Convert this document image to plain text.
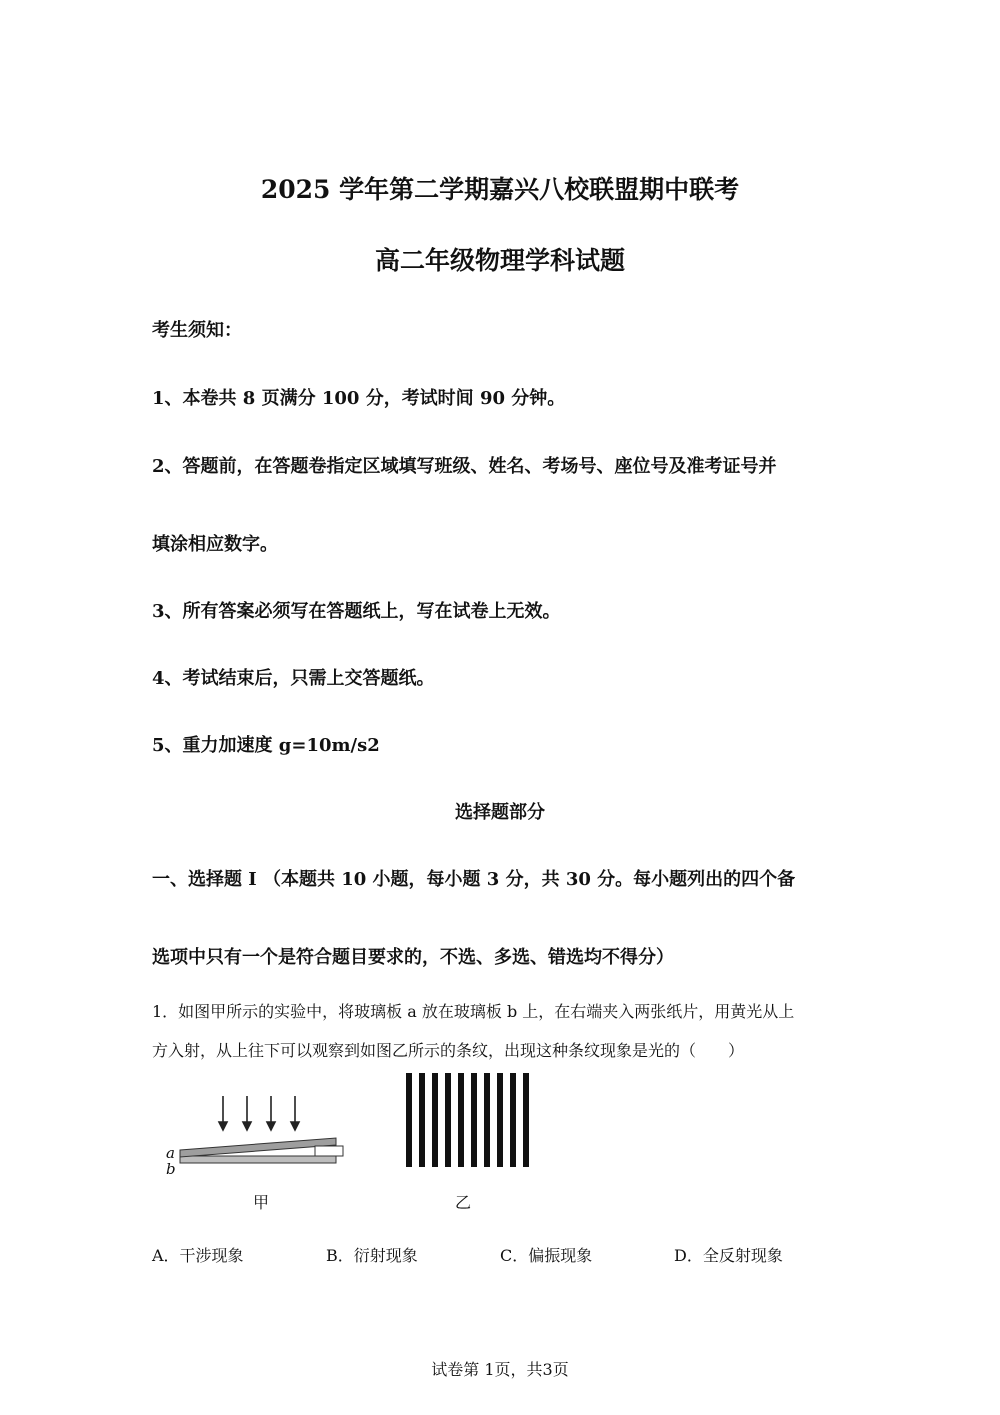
2025 学年第二学期嘉兴八校联盟期中联考
高二年级物理学科试题
考生须知：
1、本卷共 8 页满分 100 分，考试时间 90 分钟。
2、答题前，在答题卷指定区域填写班级、姓名、考场号、座位号及准考证号并
填涂相应数字。
3、所有答案必须写在答题纸上，写在试卷上无效。
4、考试结束后，只需上交答题纸。
5、重力加速度 g=10m/s2
选择题部分
一、选择题 I （本题共 10 小题，每小题 3 分，共 30 分。每小题列出的四个备
选项中只有一个是符合题目要求的，不选、多选、错选均不得分）
1．如图甲所示的实验中，将玻璃板 a 放在玻璃板 b 上，在右端夹入两张纸片，用黄光从上
方入射，从上往下可以观察到如图乙所示的条纹，出现这种条纹现象是光的（　　）
a
b
甲	乙
A．干涉现象	B．衍射现象	C．偏振现象	D．全反射现象
试卷第 1页，共3页
